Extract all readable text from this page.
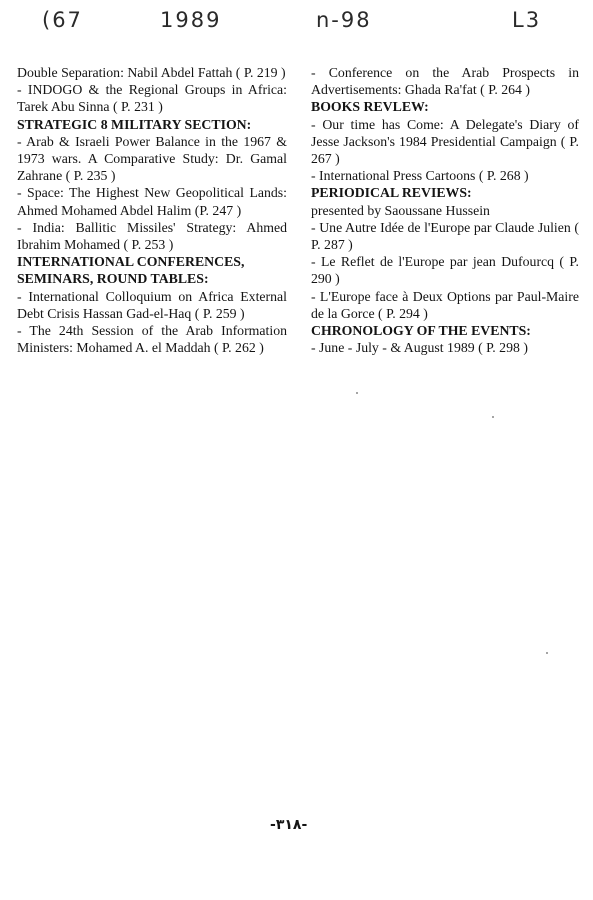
(67	1989	n-98	L3

Double Separation: Nabil Abdel Fattah ( P. 219 )

- INDOGO & the Regional Groups in Africa: Tarek Abu Sinna ( P. 231 )

STRATEGIC 8 MILITARY SECTION:

- Arab & Israeli Power Balance in the 1967 & 1973 wars. A Comparative Study: Dr. Gamal Zahrane ( P. 235 )

- Space: The Highest New Geopolitical Lands: Ahmed Mohamed Abdel Halim (P. 247 )

- India: Ballitic Missiles' Strategy: Ahmed Ibrahim Mohamed ( P. 253 )

INTERNATIONAL CONFERENCES, SEMINARS, ROUND TABLES:

- International Colloquium on Africa External Debt Crisis Hassan Gad-el-Haq ( P. 259 )

- The 24th Session of the Arab Information Ministers: Mohamed A. el Maddah ( P. 262 )

- Conference on the Arab Prospects in Advertisements: Ghada Ra'fat ( P. 264 )

BOOKS REVLEW:

- Our time has Come: A Delegate's Diary of Jesse Jackson's 1984 Presidential Campaign ( P. 267 )

- International Press Cartoons ( P. 268 )

PERIODICAL REVIEWS:

presented by Saoussane Hussein

- Une Autre Idée de l'Europe par Claude Julien ( P. 287 )

- Le Reflet de l'Europe par jean Dufourcq ( P. 290 )

- L'Europe face à Deux Options par Paul-Maire de la Gorce ( P. 294 )

CHRONOLOGY OF THE EVENTS:

- June - July - & August 1989 ( P. 298 )

-٣١٨-
